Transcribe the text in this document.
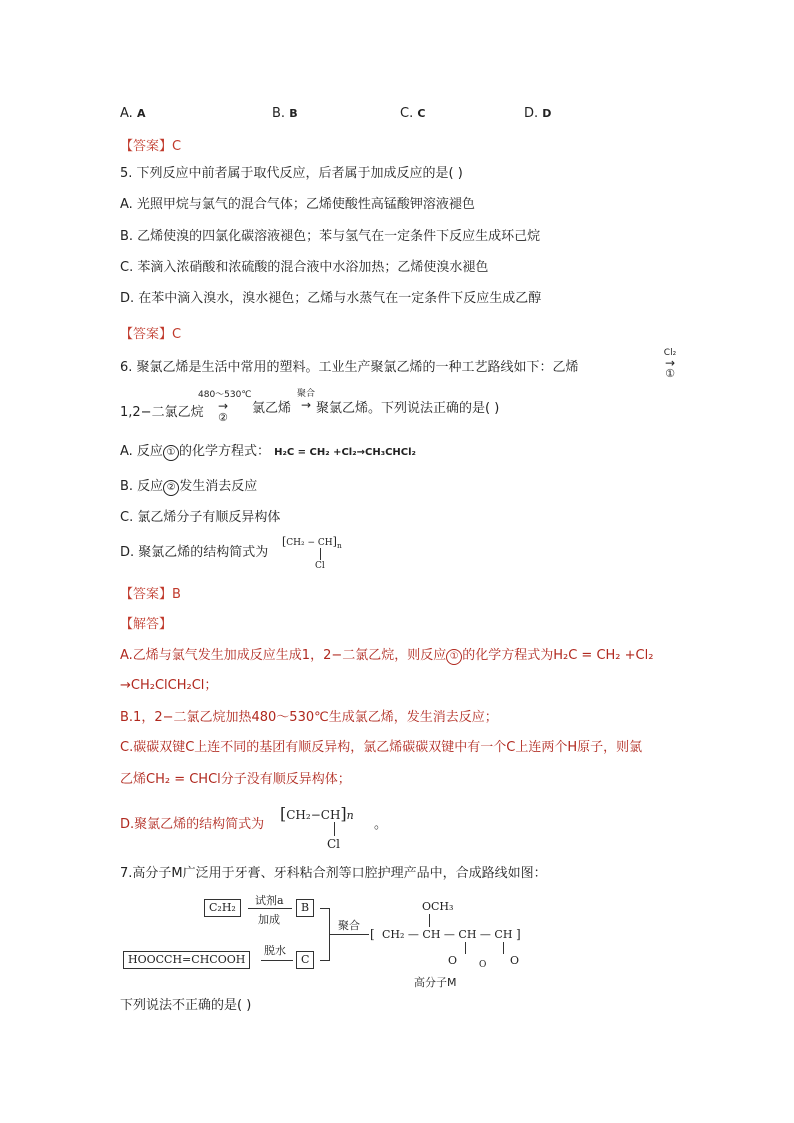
A. A	B. B	C. C	D. D
【答案】C
5. 下列反应中前者属于取代反应，后者属于加成反应的是( )
A. 光照甲烷与氯气的混合气体；乙烯使酸性高锰酸钾溶液褪色
B. 乙烯使溴的四氯化碳溶液褪色；苯与氢气在一定条件下反应生成环己烷
C. 苯滴入浓硝酸和浓硫酸的混合液中水浴加热；乙烯使溴水褪色
D. 在苯中滴入溴水，溴水褪色；乙烯与水蒸气在一定条件下反应生成乙醇
【答案】C
6. 聚氯乙烯是生活中常用的塑料。工业生产聚氯乙烯的一种工艺路线如下：乙烯
Cl₂
→
①
1,2−二氯乙烷
480～530℃
→
②
氯乙烯
聚合
→ 聚氯乙烯。下列说法正确的是( )
A. 反应 ① 的化学方程式： H₂C = CH₂ +Cl₂→CH₃CHCl₂
B. 反应 ② 发生消去反应
C. 氯乙烯分子有顺反异构体
D. 聚氯乙烯的结构简式为
$[CH_2 - CH]_n$
Cl
【答案】B
【解答】
A.乙烯与氯气发生加成反应生成1，2−二氯乙烷，则反应 ① 的化学方程式为H₂C = CH₂ +Cl₂
→CH₂ClCH₂Cl；
B.1，2−二氯乙烷加热480～530℃生成氯乙烯，发生消去反应；
C.碳碳双键C上连不同的基团有顺反异构，氯乙烯碳碳双键中有一个C上连两个H原子，则氯
乙烯CH₂ = CHCl分子没有顺反异构体；
D.聚氯乙烯的结构简式为
[CH₂−CH]n
Cl
。
7.高分子M广泛用于牙膏、牙科粘合剂等口腔护理产品中，合成路线如图：
C₂H₂
试剂a
加成
B
HOOCCH=CHCOOH
脱水
C
聚合
OCH₃
[ CH₂ — CH — CH — CH ]
O O O
高分子M
下列说法不正确的是( )
